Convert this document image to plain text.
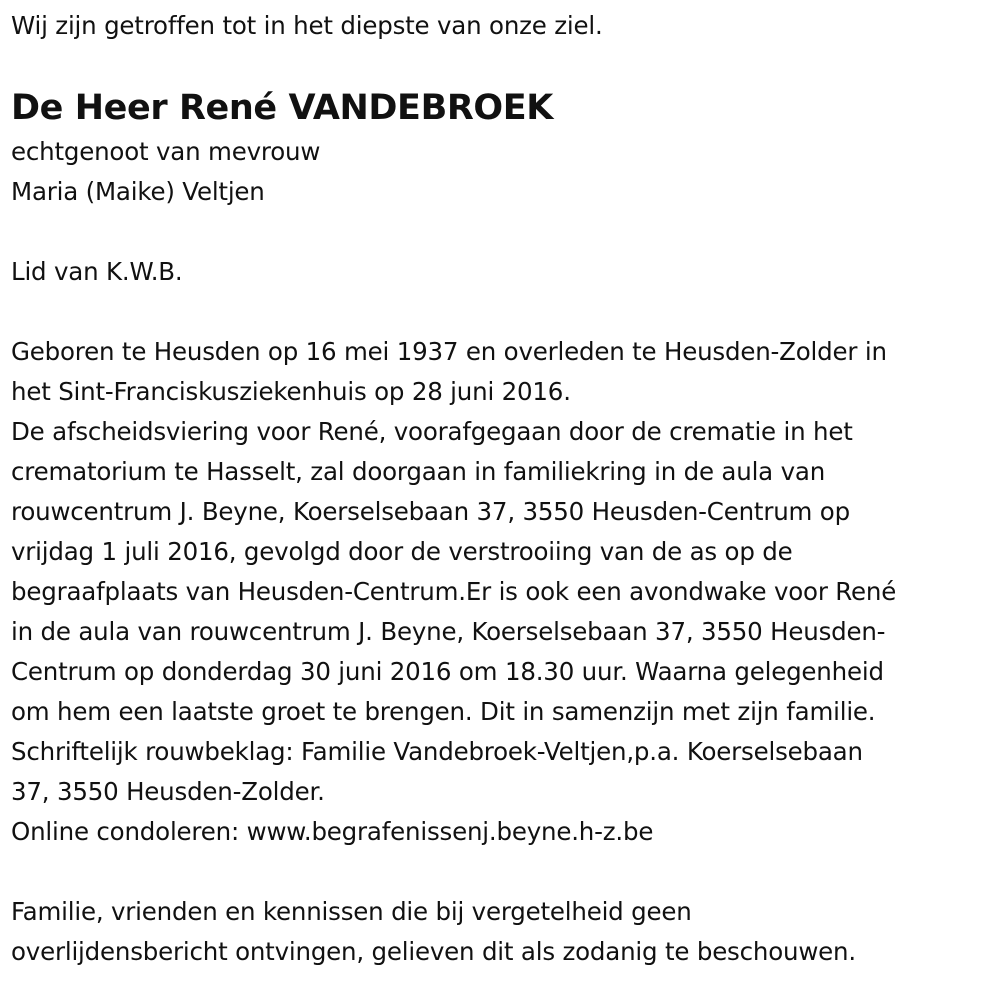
Wij zijn getroffen tot in het diepste van onze ziel.
De Heer René VANDEBROEK
echtgenoot van mevrouw
Maria (Maike) Veltjen
Lid van K.W.B.
Geboren te Heusden op 16 mei 1937 en overleden te Heusden-Zolder in
het Sint-Franciskusziekenhuis op 28 juni 2016.
De afscheidsviering voor René, voorafgegaan door de crematie in het
crematorium te Hasselt, zal doorgaan in familiekring in de aula van
rouwcentrum J. Beyne, Koerselsebaan 37, 3550 Heusden-Centrum op
vrijdag 1 juli 2016, gevolgd door de verstrooiing van de as op de
begraafplaats van Heusden-Centrum.Er is ook een avondwake voor René
in de aula van rouwcentrum J. Beyne, Koerselsebaan 37, 3550 Heusden-
Centrum op donderdag 30 juni 2016 om 18.30 uur. Waarna gelegenheid
om hem een laatste groet te brengen. Dit in samenzijn met zijn familie.
Schriftelijk rouwbeklag: Familie Vandebroek-Veltjen,p.a. Koerselsebaan
37, 3550 Heusden-Zolder.
Online condoleren: www.begrafenissenj.beyne.h-z.be
Familie, vrienden en kennissen die bij vergetelheid geen
overlijdensbericht ontvingen, gelieven dit als zodanig te beschouwen.
